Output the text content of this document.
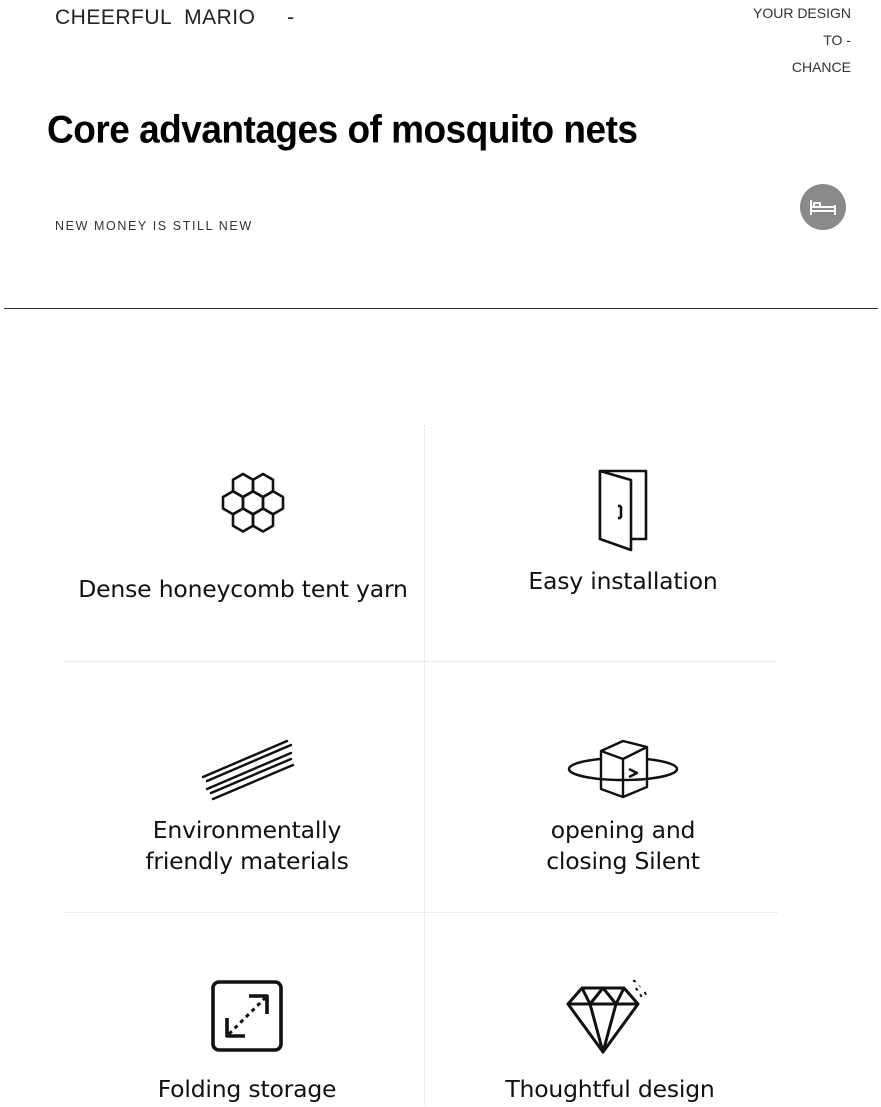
CHEERFUL  MARIO     -	YOUR DESIGN
TO -
CHANCE
Core advantages of mosquito nets
NEW MONEY IS STILL NEW
Dense honeycomb tent yarn	Easy installation
Environmentally
friendly materials
opening and
closing Silent
Folding storage	Thoughtful design
